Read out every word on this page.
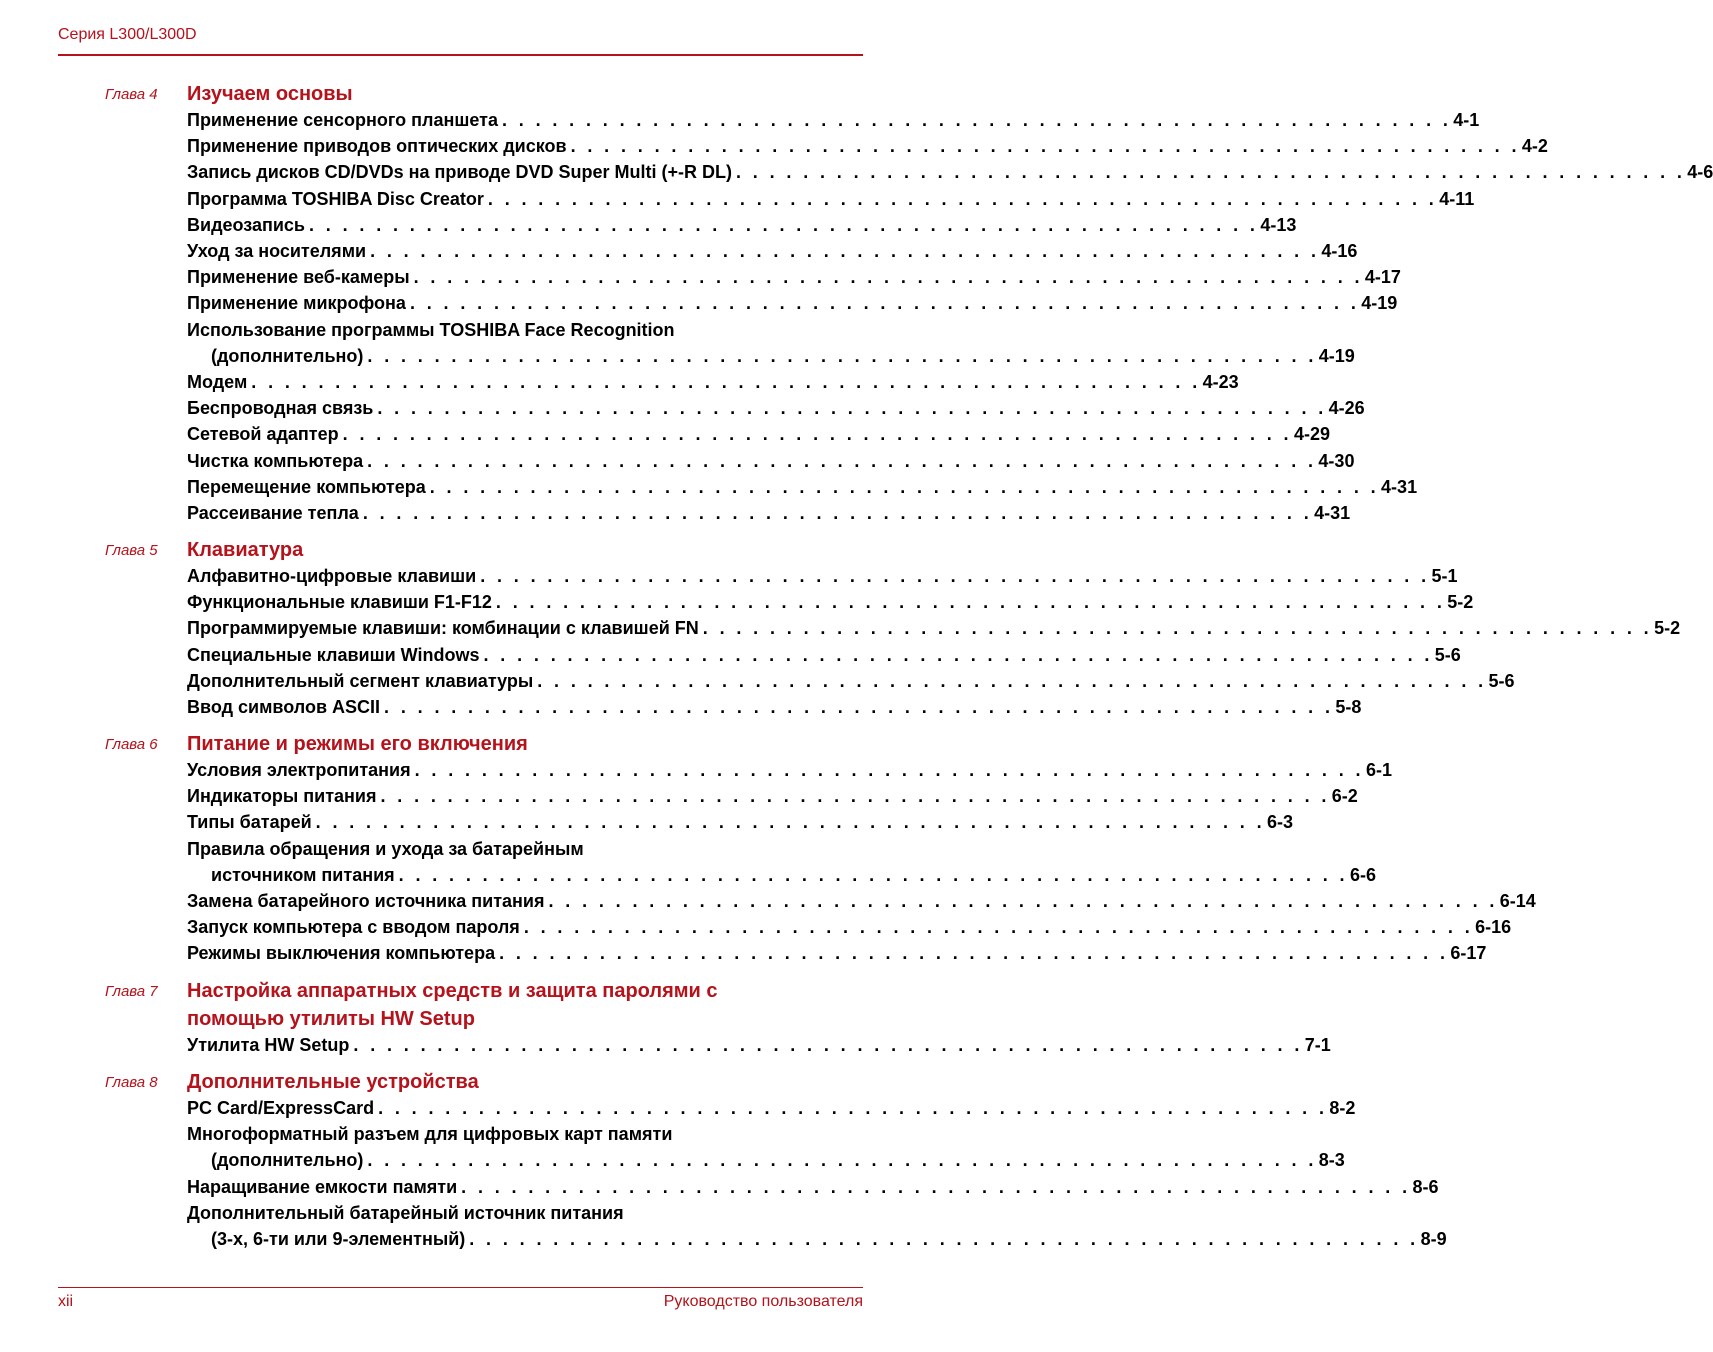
Серия L300/L300D
Глава 4 Изучаем основы
Применение сенсорного планшета . . . . . . . . . . . . . . . . . . . . . . . . . . . . . . . . . . . . . . . . . . . . . . . . . . . . . . . . . 4-1
Применение приводов оптических дисков . . . . . . . . . . . . . . . . . . . . . . . . . . . . . . . . . . . . . . . . . . . . . . . . . . . . . . . . . 4-2
Запись дисков CD/DVDs на приводе DVD Super Multi (+-R DL) . . . . . . . . . . . . . . . . . . . . . . . . . . . . . . . . . . . . . . . . . . . . . . . . . . . . . . . . . 4-6
Программа TOSHIBA Disc Creator . . . . . . . . . . . . . . . . . . . . . . . . . . . . . . . . . . . . . . . . . . . . . . . . . . . . . . . . . 4-11
Видеозапись . . . . . . . . . . . . . . . . . . . . . . . . . . . . . . . . . . . . . . . . . . . . . . . . . . . . . . . . . 4-13
Уход за носителями . . . . . . . . . . . . . . . . . . . . . . . . . . . . . . . . . . . . . . . . . . . . . . . . . . . . . . . . . 4-16
Применение веб-камеры . . . . . . . . . . . . . . . . . . . . . . . . . . . . . . . . . . . . . . . . . . . . . . . . . . . . . . . . . 4-17
Применение микрофона . . . . . . . . . . . . . . . . . . . . . . . . . . . . . . . . . . . . . . . . . . . . . . . . . . . . . . . . . 4-19
Использование программы TOSHIBA Face Recognition
(дополнительно) . . . . . . . . . . . . . . . . . . . . . . . . . . . . . . . . . . . . . . . . . . . . . . . . . . . . . . . . . 4-19
Модем . . . . . . . . . . . . . . . . . . . . . . . . . . . . . . . . . . . . . . . . . . . . . . . . . . . . . . . . . 4-23
Беспроводная связь . . . . . . . . . . . . . . . . . . . . . . . . . . . . . . . . . . . . . . . . . . . . . . . . . . . . . . . . . 4-26
Сетевой адаптер . . . . . . . . . . . . . . . . . . . . . . . . . . . . . . . . . . . . . . . . . . . . . . . . . . . . . . . . . 4-29
Чистка компьютера . . . . . . . . . . . . . . . . . . . . . . . . . . . . . . . . . . . . . . . . . . . . . . . . . . . . . . . . . 4-30
Перемещение компьютера . . . . . . . . . . . . . . . . . . . . . . . . . . . . . . . . . . . . . . . . . . . . . . . . . . . . . . . . . 4-31
Рассеивание тепла . . . . . . . . . . . . . . . . . . . . . . . . . . . . . . . . . . . . . . . . . . . . . . . . . . . . . . . . . 4-31
Глава 5 Клавиатура
Алфавитно-цифровые клавиши . . . . . . . . . . . . . . . . . . . . . . . . . . . . . . . . . . . . . . . . . . . . . . . . . . . . . . . . . 5-1
Функциональные клавиши F1-F12 . . . . . . . . . . . . . . . . . . . . . . . . . . . . . . . . . . . . . . . . . . . . . . . . . . . . . . . . . 5-2
Программируемые клавиши: комбинации с клавишей FN . . . . . . . . . . . . . . . . . . . . . . . . . . . . . . . . . . . . . . . . . . . . . . . . . . . . . . . . . 5-2
Специальные клавиши Windows . . . . . . . . . . . . . . . . . . . . . . . . . . . . . . . . . . . . . . . . . . . . . . . . . . . . . . . . . 5-6
Дополнительный сегмент клавиатуры . . . . . . . . . . . . . . . . . . . . . . . . . . . . . . . . . . . . . . . . . . . . . . . . . . . . . . . . . 5-6
Ввод символов ASCII . . . . . . . . . . . . . . . . . . . . . . . . . . . . . . . . . . . . . . . . . . . . . . . . . . . . . . . . . 5-8
Глава 6 Питание и режимы его включения
Условия электропитания . . . . . . . . . . . . . . . . . . . . . . . . . . . . . . . . . . . . . . . . . . . . . . . . . . . . . . . . . 6-1
Индикаторы питания . . . . . . . . . . . . . . . . . . . . . . . . . . . . . . . . . . . . . . . . . . . . . . . . . . . . . . . . . 6-2
Типы батарей . . . . . . . . . . . . . . . . . . . . . . . . . . . . . . . . . . . . . . . . . . . . . . . . . . . . . . . . . 6-3
Правила обращения и ухода за батарейным
источником питания . . . . . . . . . . . . . . . . . . . . . . . . . . . . . . . . . . . . . . . . . . . . . . . . . . . . . . . . . 6-6
Замена батарейного источника питания . . . . . . . . . . . . . . . . . . . . . . . . . . . . . . . . . . . . . . . . . . . . . . . . . . . . . . . . . 6-14
Запуск компьютера с вводом пароля . . . . . . . . . . . . . . . . . . . . . . . . . . . . . . . . . . . . . . . . . . . . . . . . . . . . . . . . . 6-16
Режимы выключения компьютера . . . . . . . . . . . . . . . . . . . . . . . . . . . . . . . . . . . . . . . . . . . . . . . . . . . . . . . . . 6-17
Глава 7 Настройка аппаратных средств и защита паролями с помощью утилиты HW Setup
Утилита HW Setup . . . . . . . . . . . . . . . . . . . . . . . . . . . . . . . . . . . . . . . . . . . . . . . . . . . . . . . . . 7-1
Глава 8 Дополнительные устройства
PC Card/ExpressCard . . . . . . . . . . . . . . . . . . . . . . . . . . . . . . . . . . . . . . . . . . . . . . . . . . . . . . . . . 8-2
Многоформатный разъем для цифровых карт памяти
(дополнительно) . . . . . . . . . . . . . . . . . . . . . . . . . . . . . . . . . . . . . . . . . . . . . . . . . . . . . . . . . 8-3
Наращивание емкости памяти . . . . . . . . . . . . . . . . . . . . . . . . . . . . . . . . . . . . . . . . . . . . . . . . . . . . . . . . . 8-6
Дополнительный батарейный источник питания
(3-х, 6-ти или 9-элементный) . . . . . . . . . . . . . . . . . . . . . . . . . . . . . . . . . . . . . . . . . . . . . . . . . . . . . . . . . 8-9
xii	Руководство пользователя
